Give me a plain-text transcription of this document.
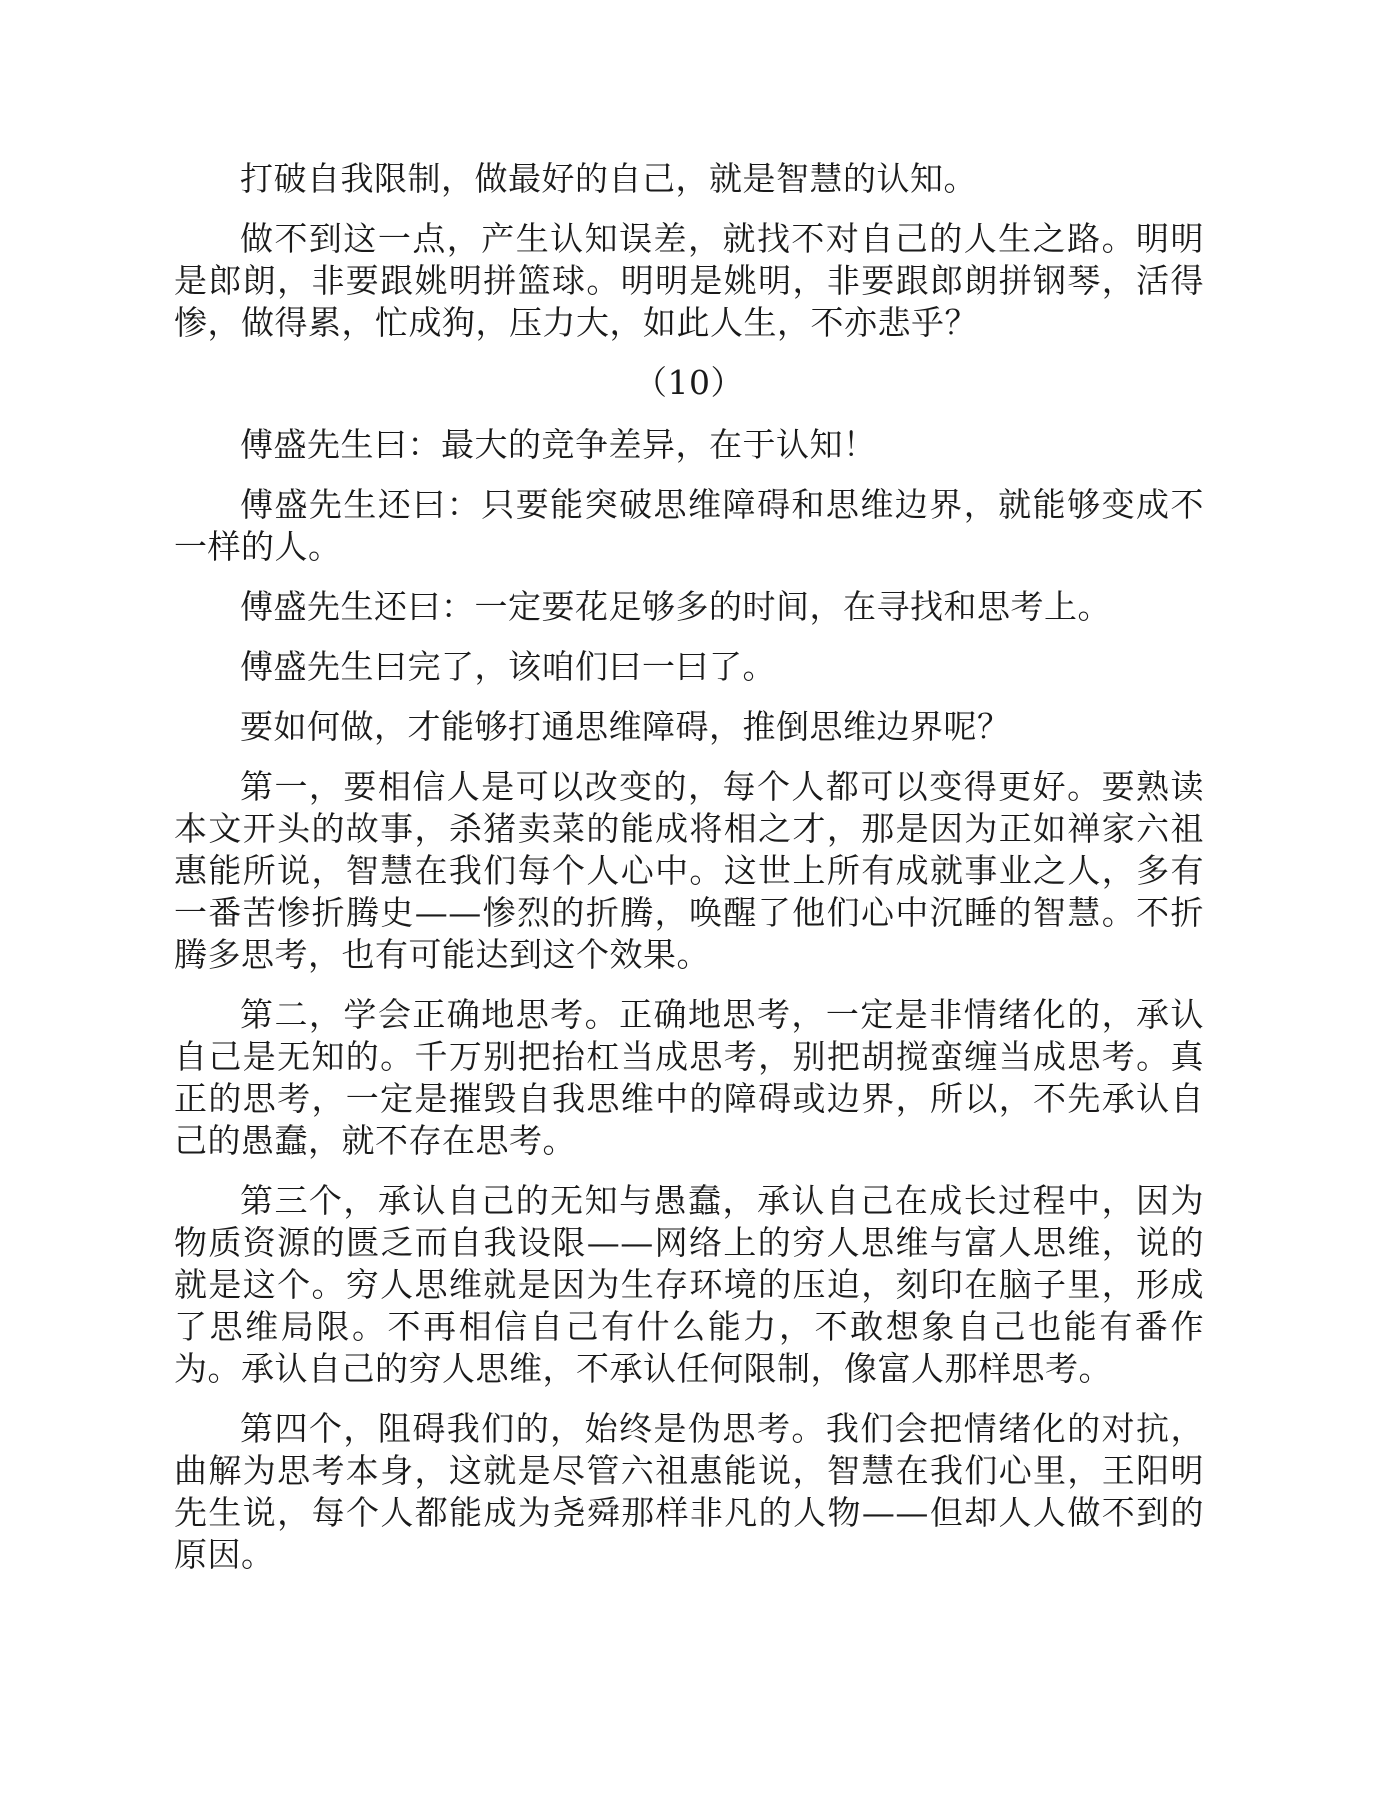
打破自我限制，做最好的自己，就是智慧的认知。

做不到这一点，产生认知误差，就找不对自己的人生之路。明明是郎朗，非要跟姚明拼篮球。明明是姚明，非要跟郎朗拼钢琴，活得惨，做得累，忙成狗，压力大，如此人生，不亦悲乎？

（10）

傅盛先生曰：最大的竞争差异，在于认知！

傅盛先生还曰：只要能突破思维障碍和思维边界，就能够变成不一样的人。

傅盛先生还曰：一定要花足够多的时间，在寻找和思考上。

傅盛先生曰完了，该咱们曰一曰了。

要如何做，才能够打通思维障碍，推倒思维边界呢？

第一，要相信人是可以改变的，每个人都可以变得更好。要熟读本文开头的故事，杀猪卖菜的能成将相之才，那是因为正如禅家六祖惠能所说，智慧在我们每个人心中。这世上所有成就事业之人，多有一番苦惨折腾史——惨烈的折腾，唤醒了他们心中沉睡的智慧。不折腾多思考，也有可能达到这个效果。

第二，学会正确地思考。正确地思考，一定是非情绪化的，承认自己是无知的。千万别把抬杠当成思考，别把胡搅蛮缠当成思考。真正的思考，一定是摧毁自我思维中的障碍或边界，所以，不先承认自己的愚蠢，就不存在思考。

第三个，承认自己的无知与愚蠢，承认自己在成长过程中，因为物质资源的匮乏而自我设限——网络上的穷人思维与富人思维，说的就是这个。穷人思维就是因为生存环境的压迫，刻印在脑子里，形成了思维局限。不再相信自己有什么能力，不敢想象自己也能有番作为。承认自己的穷人思维，不承认任何限制，像富人那样思考。

第四个，阻碍我们的，始终是伪思考。我们会把情绪化的对抗，曲解为思考本身，这就是尽管六祖惠能说，智慧在我们心里，王阳明先生说，每个人都能成为尧舜那样非凡的人物——但却人人做不到的原因。
